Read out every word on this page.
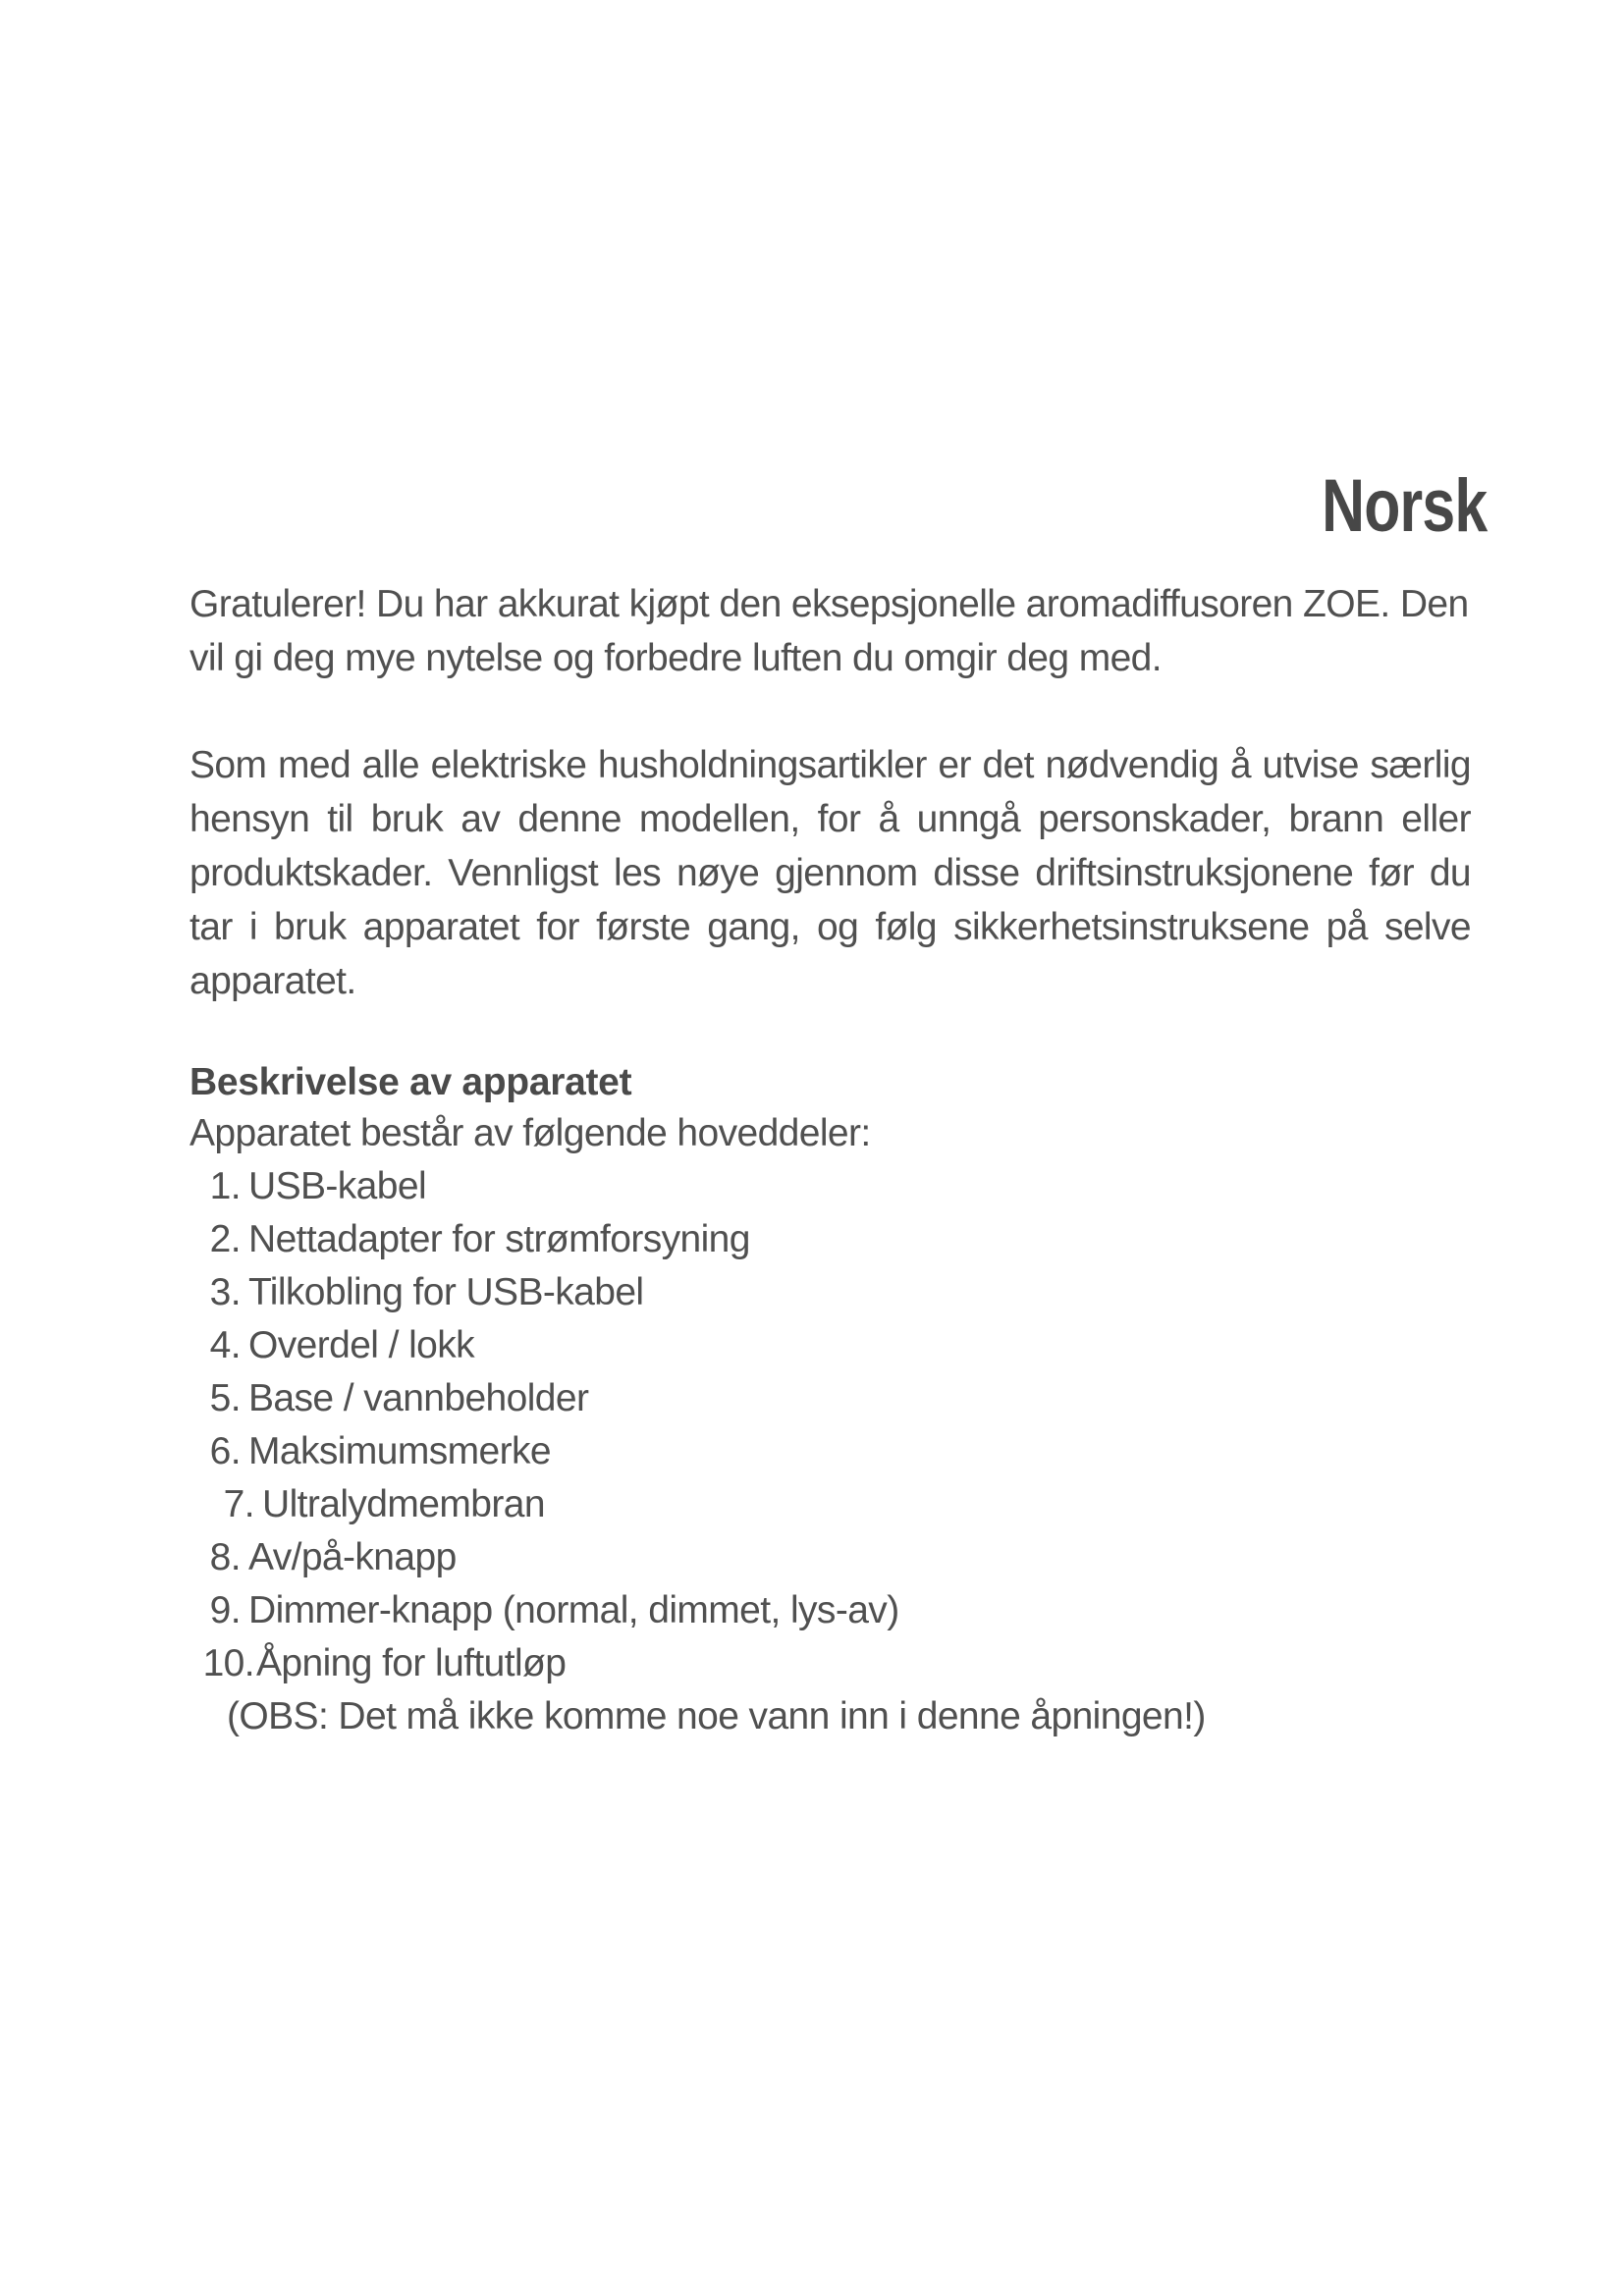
Norsk

Gratulerer! Du har akkurat kjøpt den eksepsjonelle aromadiffusoren ZOE. Den vil gi deg mye nytelse og forbedre luften du omgir deg med.

Som med alle elektriske husholdningsartikler er det nødvendig å utvise særlig hensyn til bruk av denne modellen, for å unngå personskader, brann eller produktskader. Vennligst les nøye gjennom disse driftsinstruksjonene før du tar i bruk apparatet for første gang, og følg sikkerhetsinstruksene på selve apparatet.

Beskrivelse av apparatet

Apparatet består av følgende hoveddeler:

1. USB-kabel
2. Nettadapter for strømforsyning
3. Tilkobling for USB-kabel
4. Overdel / lokk
5. Base / vannbeholder
6. Maksimumsmerke
7. Ultralydmembran
8. Av/på-knapp
9. Dimmer-knapp (normal, dimmet, lys-av)
10. Åpning for luftutløp

(OBS: Det må ikke komme noe vann inn i denne åpningen!)
